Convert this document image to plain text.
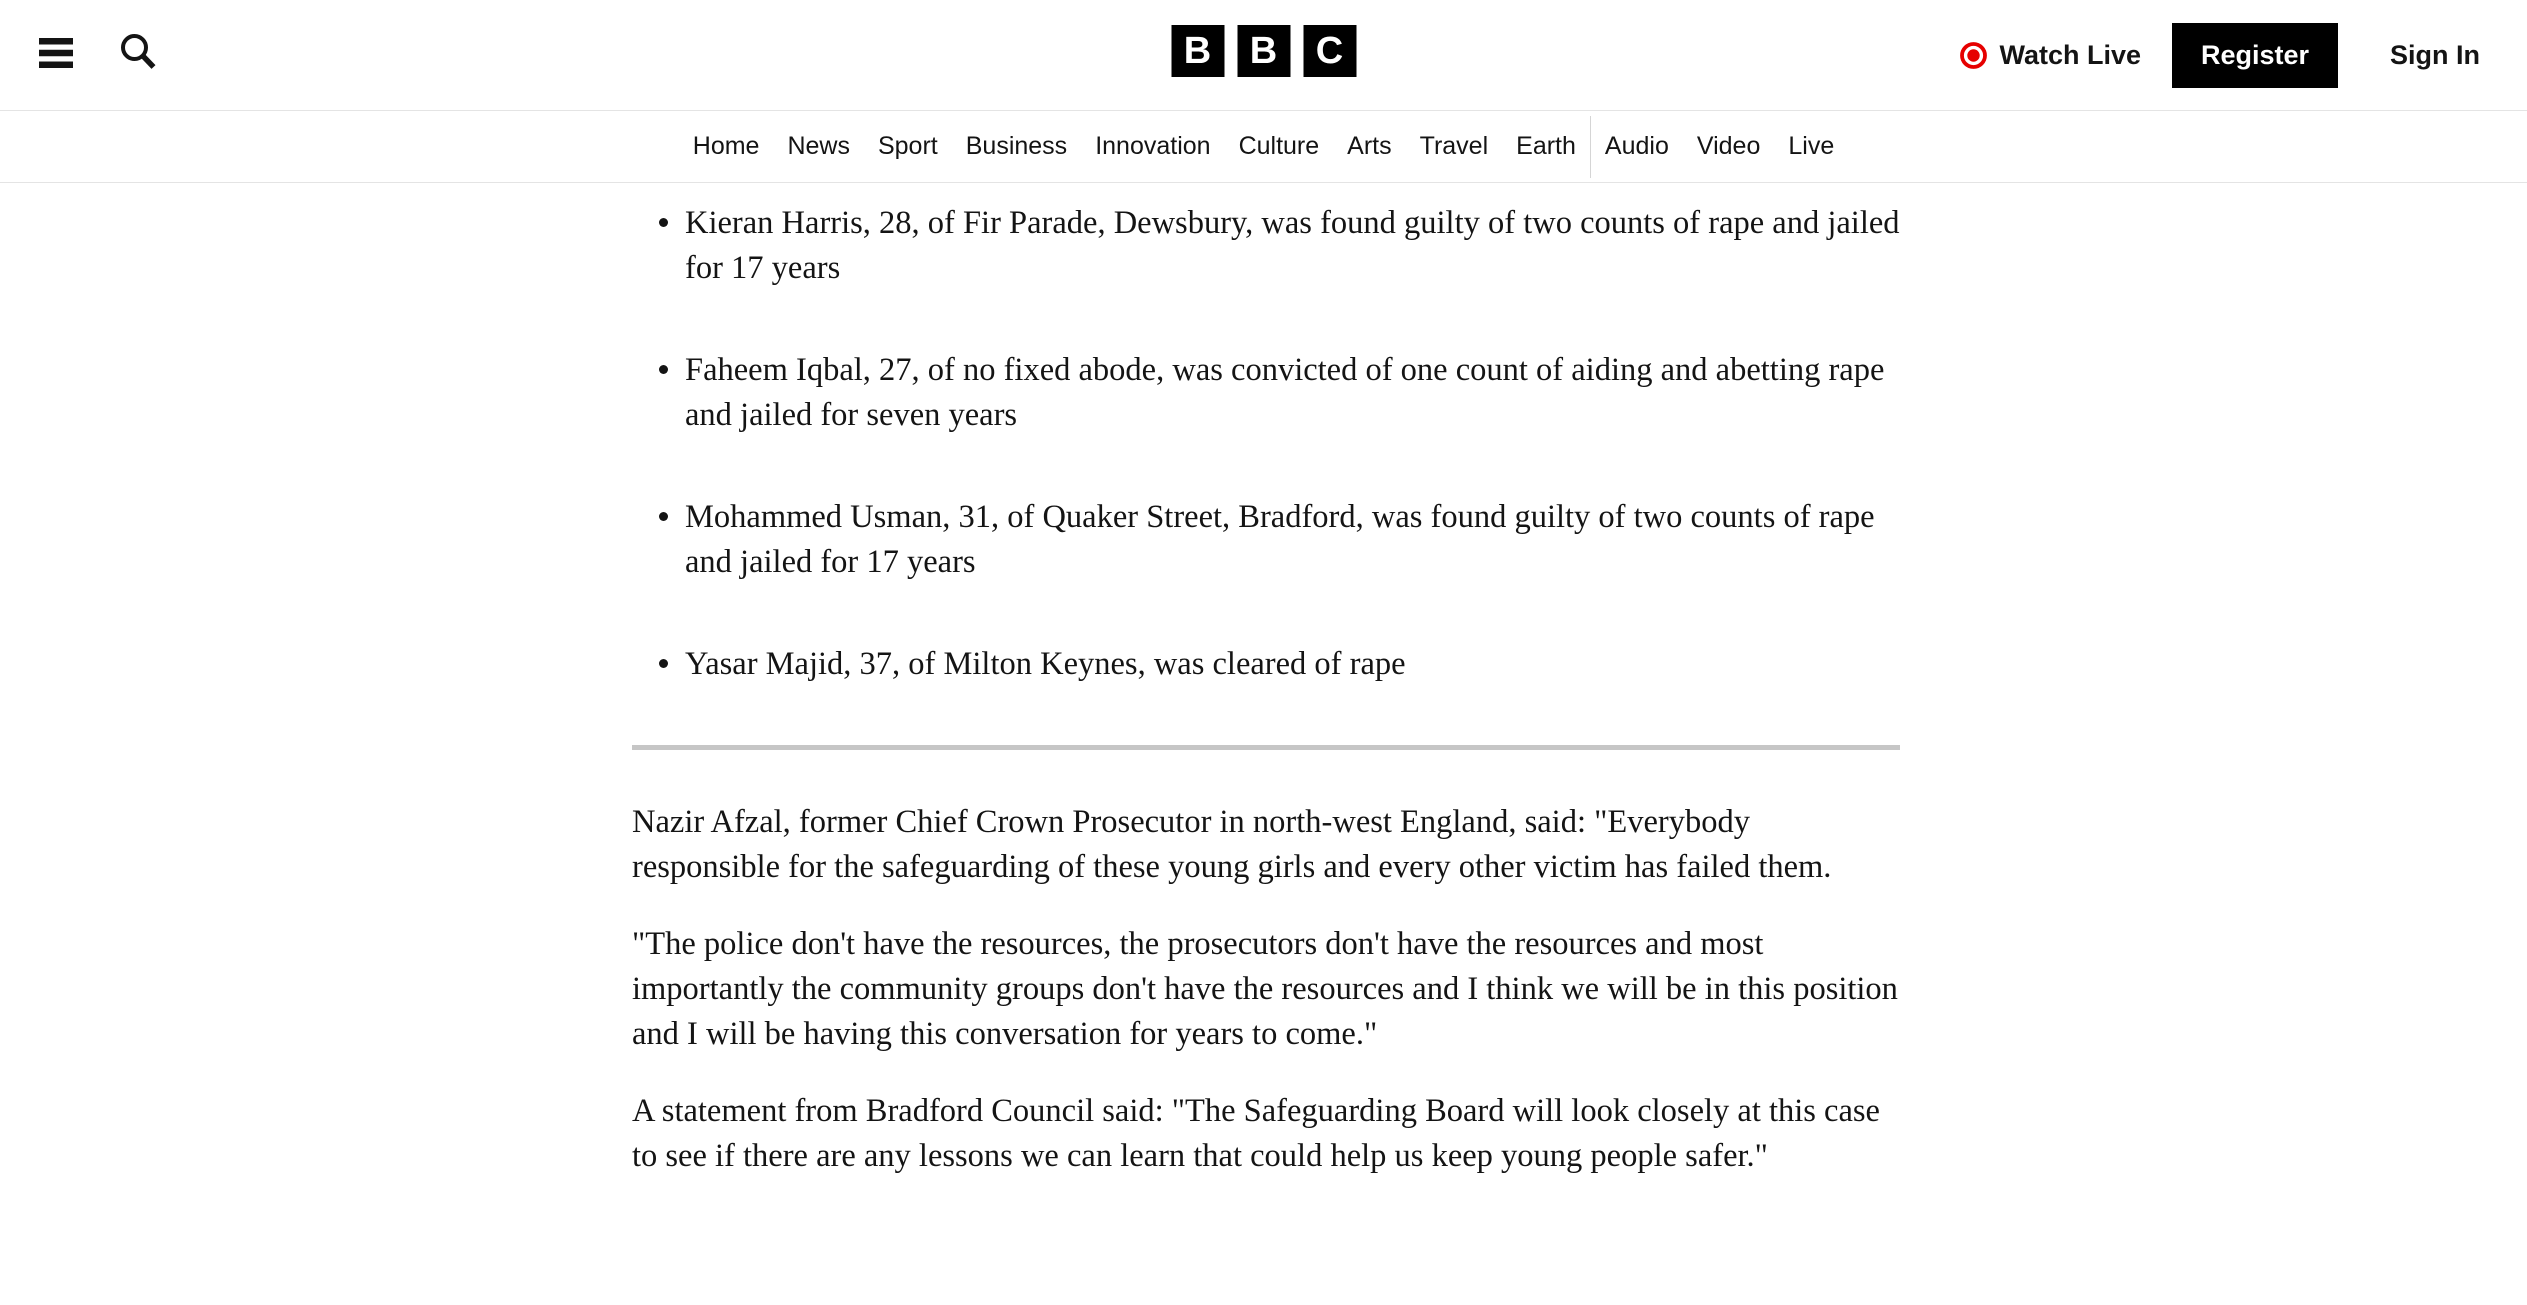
B	B	C	Watch Live	Register	Sign In
Home	News	Sport	Business	Innovation	Culture	Arts	Travel	Earth	Audio	Video	Live
Kieran Harris, 28, of Fir Parade, Dewsbury, was found guilty of two counts of rape and jailed for 17 years
Faheem Iqbal, 27, of no fixed abode, was convicted of one count of aiding and abetting rape and jailed for seven years
Mohammed Usman, 31, of Quaker Street, Bradford, was found guilty of two counts of rape and jailed for 17 years
Yasar Majid, 37, of Milton Keynes, was cleared of rape

Nazir Afzal, former Chief Crown Prosecutor in north-west England, said: "Everybody responsible for the safeguarding of these young girls and every other victim has failed them.

"The police don't have the resources, the prosecutors don't have the resources and most importantly the community groups don't have the resources and I think we will be in this position and I will be having this conversation for years to come."

A statement from Bradford Council said: "The Safeguarding Board will look closely at this case to see if there are any lessons we can learn that could help us keep young people safer."
